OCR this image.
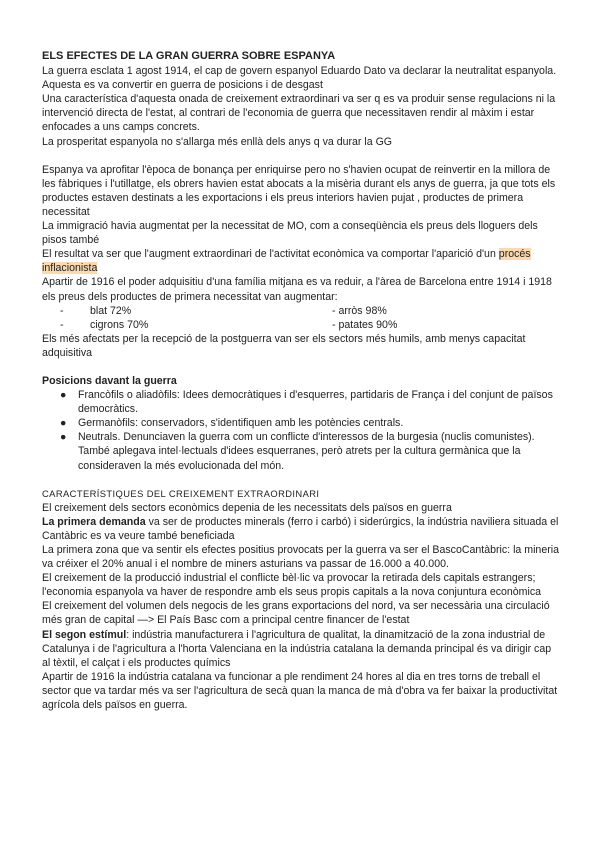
ELS EFECTES DE LA GRAN GUERRA SOBRE ESPANYA

La guerra esclata 1 agost 1914, el cap de govern espanyol Eduardo Dato va declarar la neutralitat espanyola.

Aquesta es va convertir en guerra de posicions i de desgast

Una característica d'aquesta onada de creixement extraordinari va ser q es va produir sense regulacions ni la intervenció directa de l'estat, al contrari de l'economia de guerra que necessitaven rendir al màxim i estar enfocades a uns camps concrets.

La prosperitat espanyola no s'allarga més enllà dels anys q va durar la GG

Espanya va aprofitar l'època de bonança per enriquirse pero no s'havien ocupat de reinvertir en la millora de les fàbriques i l'utillatge, els obrers havien estat abocats a la misèria durant els anys de guerra, ja que tots els productes estaven destinats a les exportacions i els preus interiors havien pujat , productes de primera necessitat

La immigració havia augmentat per la necessitat de MO, com a conseqüència els preus dels lloguers dels pisos també

El resultat va ser que l'augment extraordinari de l'activitat econòmica va comportar l'aparició d'un procés inflacionista

Apartir de 1916 el poder adquisitiu d'una família mitjana es va reduir, a l'àrea de Barcelona entre 1914 i 1918 els preus dels productes de primera necessitat van augmentar:

-	blat 72%	- arròs 98%
-	cigrons 70%	- patates 90%

Els més afectats per la recepció de la postguerra van ser els sectors més humils, amb menys capacitat adquisitiva

Posicions davant la guerra

● Francòfils o aliadòfils: Idees democràtiques i d'esquerres, partidaris de França i del conjunt de països democràtics.
● Germanòfils: conservadors, s'identifiquen amb les potències centrals.
● Neutrals. Denunciaven la guerra com un conflicte d'interessos de la burgesia (nuclis comunistes). També aplegava intel·lectuals d'idees esquerranes, però atrets per la cultura germànica que la consideraven la més evolucionada del món.

CARACTERÍSTIQUES DEL CREIXEMENT EXTRAORDINARI

El creixement dels sectors econòmics depenia de les necessitats dels països en guerra

La primera demanda va ser de productes minerals (ferro i carbó) i siderúrgics, la indústria naviliera situada el Cantàbric es va veure també beneficiada

La primera zona que va sentir els efectes positius provocats per la guerra va ser el BascoCantàbric: la mineria va créixer el 20% anual i el nombre de miners asturians va passar de 16.000 a 40.000.

El creixement de la producció industrial el conflicte bèl·lic va provocar la retirada dels capitals estrangers; l'economia espanyola va haver de respondre amb els seus propis capitals a la nova conjuntura econòmica

El creixement del volumen dels negocis de les grans exportacions del nord, va ser necessària una circulació més gran de capital —> El País Basc com a principal centre financer de l'estat

El segon estímul: indústria manufacturera i l'agricultura de qualitat, la dinamització de la zona industrial de Catalunya i de l'agricultura a l'horta Valenciana en la indústria catalana la demanda principal és va dirigir cap al tèxtil, el calçat i els productes químics

Apartir de 1916 la indústria catalana va funcionar a ple rendiment 24 hores al dia en tres torns de treball el sector que va tardar més va ser l'agricultura de secà quan la manca de mà d'obra va fer baixar la productivitat agrícola dels països en guerra.
